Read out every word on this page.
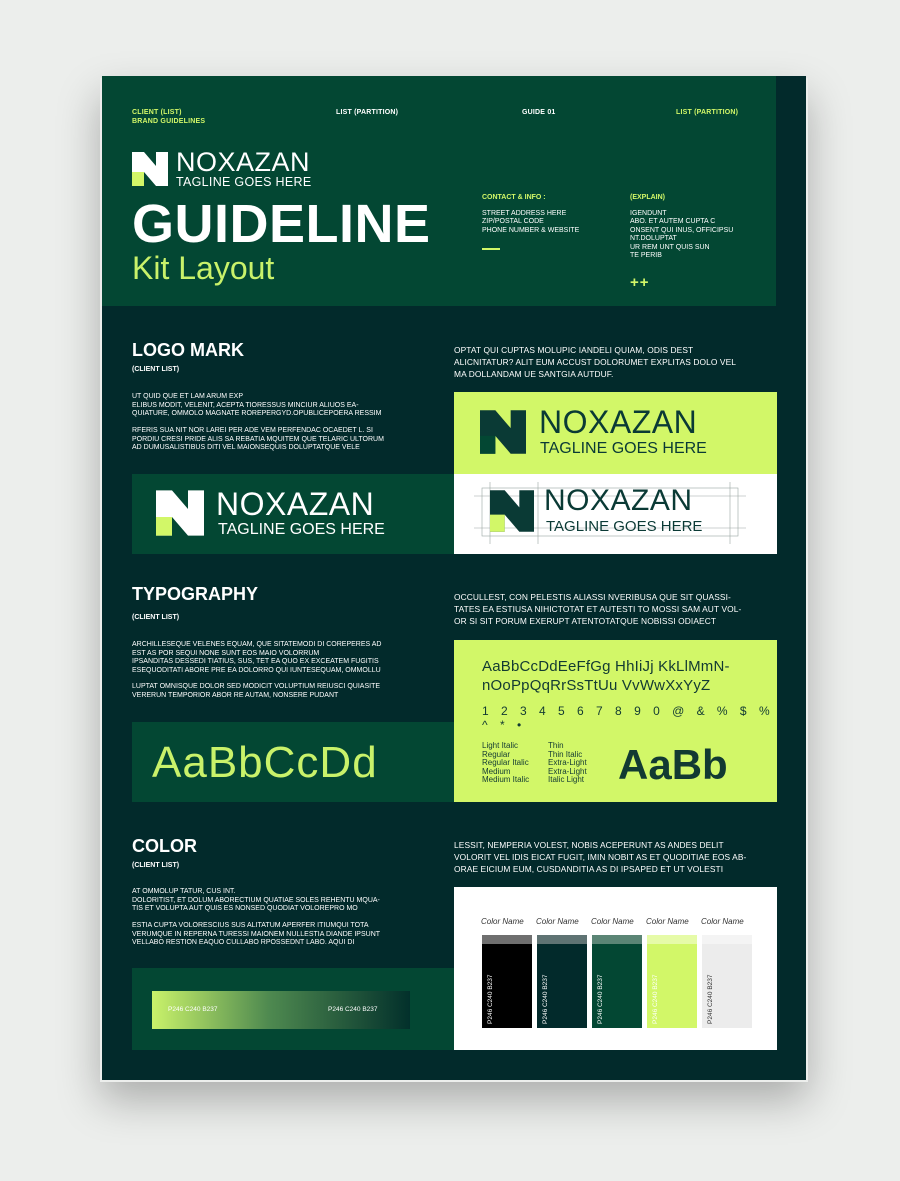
CLIENT (LIST)
BRAND GUIDELINES
LIST (PARTITION)	GUIDE 01	LIST (PARTITION)
NOXAZAN
TAGLINE GOES HERE
GUIDELINE
Kit Layout
CONTACT & INFO :
STREET ADDRESS HERE
ZIP/POSTAL CODE
PHONE NUMBER & WEBSITE
(EXPLAIN)
IGENDUNT
ABO. ET AUTEM CUPTA C
ONSENT QUI INUS, OFFICIPSU
NT.DOLUPTAT
UR REM UNT QUIS SUN
TE PERIB
++
LOGO MARK
(CLIENT LIST)
UT QUID QUE ET LAM ARUM EXP
ELIBUS MODIT, VELENIT, ACEPTA TIORESSUS MINCIUR ALIUOS EA-
QUIATURE, OMMOLO MAGNATE ROREPERGYD.OPUBLICEPOERA RESSIM
RFERIS SUA NIT NOR LAREI PER ADE VEM PERFENDAC OCAEDET L. SI
PORDIU CRESI PRIDE ALIS SA REBATIA MQUITEM QUE TELARIC ULTORUM
AD DUMUSALISTIBUS DITI VEL MAIONSEQUIS DOLUPTATQUE VELE
OPTAT QUI CUPTAS MOLUPIC IANDELI QUIAM, ODIS DEST
ALICNITATUR? ALIT EUM ACCUST DOLORUMET EXPLITAS DOLO VEL
MA DOLLANDAM UE SANTGIA AUTDUF.
NOXAZAN
TAGLINE GOES HERE
NOXAZAN
TAGLINE GOES HERE
NOXAZAN
TAGLINE GOES HERE
TYPOGRAPHY
(CLIENT LIST)
ARCHILLESEQUE VELENES EQUAM, QUE SITATEMODI DI COREPERES AD
EST AS POR SEQUI NONE SUNT EOS MAIO VOLORRUM
IPSANDITAS DESSEDI TIATIUS, SUS, TET EA QUO EX EXCEATEM FUGITIS
ESEQUODITATI ABORE PRE EA DOLORRO QUI IUNTESEQUAM, OMMOLLU
LUPTAT OMNISQUE DOLOR SED MODICIT VOLUPTIUM REIUSCI QUIASITE
VERERUN TEMPORIOR ABOR RE AUTAM, NONSERE PUDANT
OCCULLEST, CON PELESTIS ALIASSI NVERIBUSA QUE SIT QUASSI-
TATES EA ESTIUSA NIHICTOTAT ET AUTESTI TO MOSSI SAM AUT VOL-
OR SI SIT PORUM EXERUPT ATENTOTATQUE NOBISSI ODIAECT
AaBbCcDdEeFfGg HhIiJj KkLlMmN-
nOoPpQqRrSsTtUu VvWwXxYyZ
1 2 3 4 5 6 7 8 9 0 @ & % $ % ^ * •
Light Italic
Regular
Regular Italic
Medium
Medium Italic
Thin
Thin Italic
Extra-Light
Extra-Light
Italic Light AaBb
AaBbCcDd
COLOR
(CLIENT LIST)
AT OMMOLUP TATUR, CUS INT.
DOLORITIST, ET DOLUM ABORECTIUM QUATIAE SOLES REHENTU MQUA-
TIS ET VOLUPTA AUT QUIS ES NONSED QUODIAT VOLOREPRO MO
ESTIA CUPTA VOLORESCIUS SUS ALITATUM APERFER ITIUMQUI TOTA
VERUMQUE IN REPERNA TURESSI MAIONEM NULLESTIA DIANDE IPSUNT
VELLABO RESTION EAQUO CULLABO RPOSSEDNT LABO. AQUI DI
LESSIT, NEMPERIA VOLEST, NOBIS ACEPERUNT AS ANDES DELIT
VOLORIT VEL IDIS EICAT FUGIT, IMIN NOBIT AS ET QUODITIAE EOS AB-
ORAE EICIUM EUM, CUSDANDITIA AS DI IPSAPED ET UT VOLESTI
P246 C240 B237	P246 C240 B237
Color Name
P246 C240 B237
Color Name
P246 C240 B237
Color Name
P246 C240 B237
Color Name
P246 C240 B237
Color Name
P246 C240 B237
